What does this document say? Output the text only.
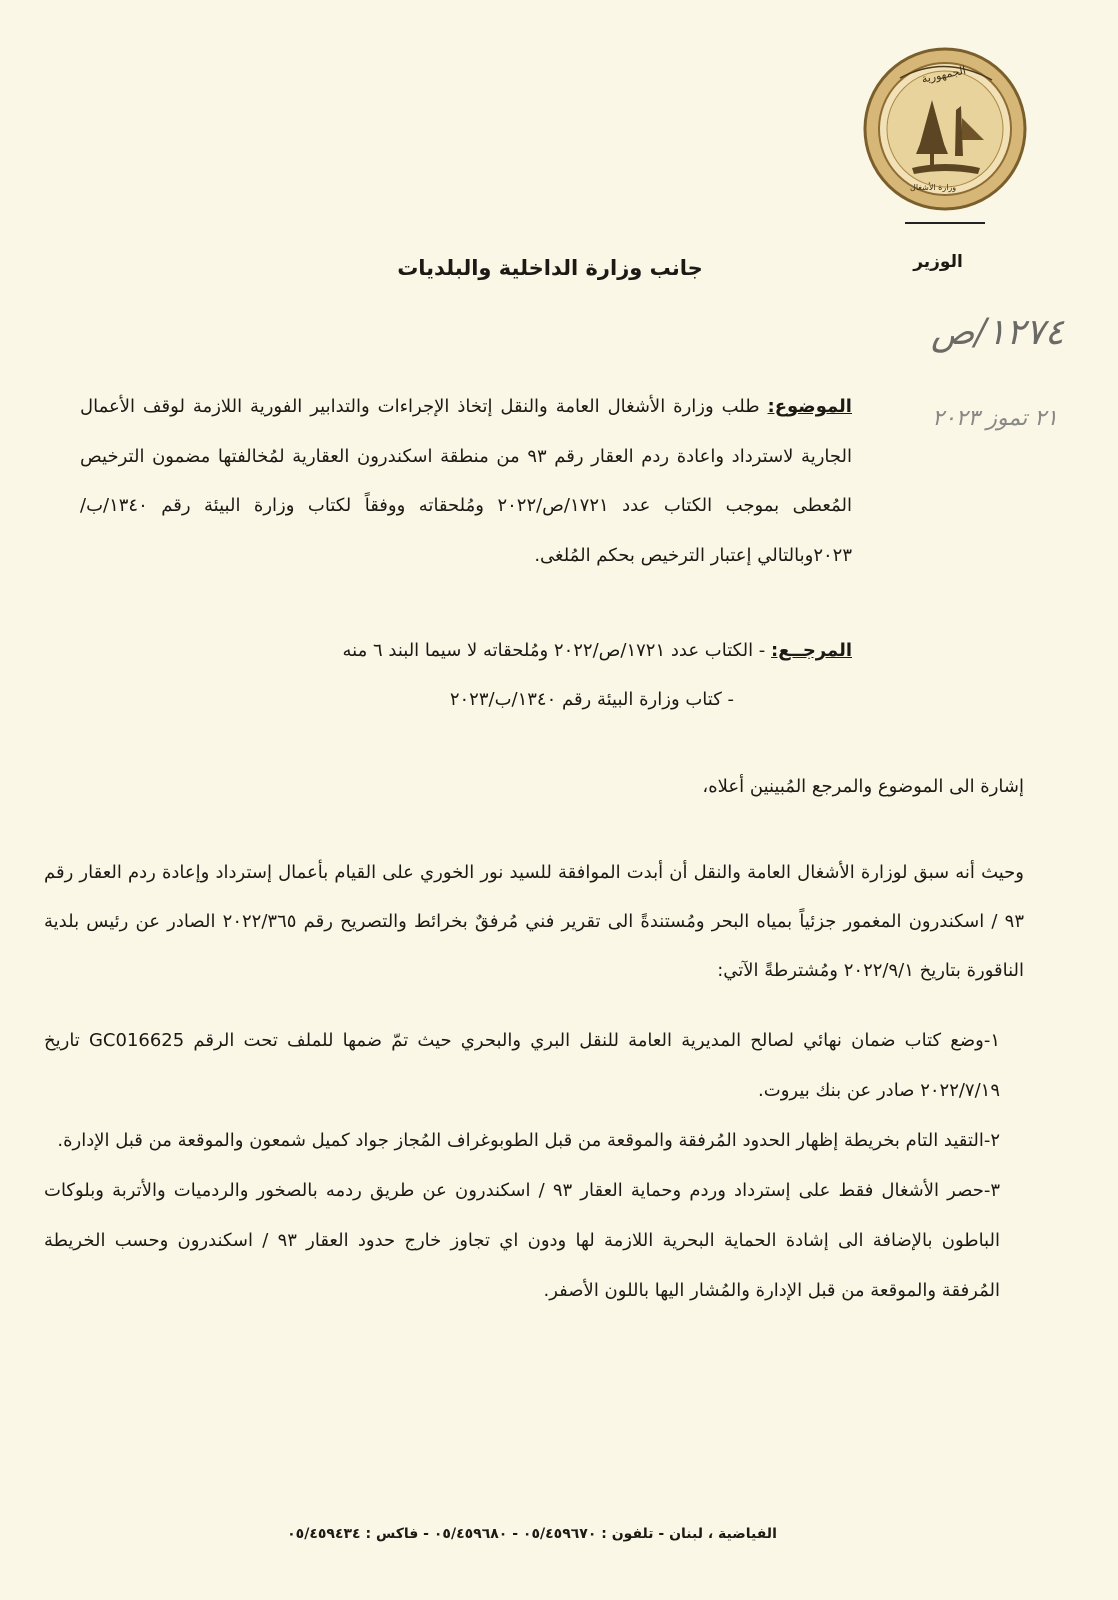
ﺍﻟﺠﻤﻬﻮﺭﻳﺔ
ﻭﺯﺍﺭﺓ ﺍﻷﺷﻐﺎﻝ
الوزير
جانب وزارة الداخلية والبلديات
١٢٧٤/ص
٢١ تموز ٢٠٢٣
الموضوع: طلب وزارة الأشغال العامة والنقل إتخاذ الإجراءات والتدابير الفورية اللازمة لوقف الأعمال الجارية لاسترداد واعادة ردم العقار رقم ٩٣ من منطقة اسكندرون العقارية لمُخالفتها مضمون الترخيص المُعطى بموجب الكتاب عدد ١٧٢١/ص/٢٠٢٢ ومُلحقاته ووفقاً لكتاب وزارة البيئة رقم ١٣٤٠/ب/٢٠٢٣وبالتالي إعتبار الترخيص بحكم المُلغى.
المرجــع: - الكتاب عدد ١٧٢١/ص/٢٠٢٢ ومُلحقاته لا سيما البند ٦ منه
- كتاب وزارة البيئة رقم ١٣٤٠/ب/٢٠٢٣
إشارة الى الموضوع والمرجع المُبينين أعلاه،
وحيث أنه سبق لوزارة الأشغال العامة والنقل أن أبدت الموافقة للسيد نور الخوري على القيام بأعمال إسترداد وإعادة ردم العقار رقم ٩٣ / اسكندرون المغمور جزئياً بمياه البحر ومُستندةً الى تقرير فني مُرفقٌ بخرائط والتصريح رقم ٢٠٢٢/٣٦٥ الصادر عن رئيس بلدية الناقورة بتاريخ ٢٠٢٢/٩/١ ومُشترطةً الآتي:
١-وضع كتاب ضمان نهائي لصالح المديرية العامة للنقل البري والبحري حيث تمّ ضمها للملف تحت الرقم GC016625 تاريخ ٢٠٢٢/٧/١٩ صادر عن بنك بيروت.
٢-التقيد التام بخريطة إظهار الحدود المُرفقة والموقعة من قبل الطوبوغراف المُجاز جواد كميل شمعون والموقعة من قبل الإدارة.
٣-حصر الأشغال فقط على إسترداد وردم وحماية العقار ٩٣ / اسكندرون عن طريق ردمه بالصخور والردميات والأتربة وبلوكات الباطون بالإضافة الى إشادة الحماية البحرية اللازمة لها ودون اي تجاوز خارج حدود العقار ٩٣ / اسكندرون وحسب الخريطة المُرفقة والموقعة من قبل الإدارة والمُشار اليها باللون الأصفر.
الفياضية ، لبنان - تلفون : ٠٥/٤٥٩٦٧٠ - ٠٥/٤٥٩٦٨٠ - فاكس : ٠٥/٤٥٩٤٣٤
